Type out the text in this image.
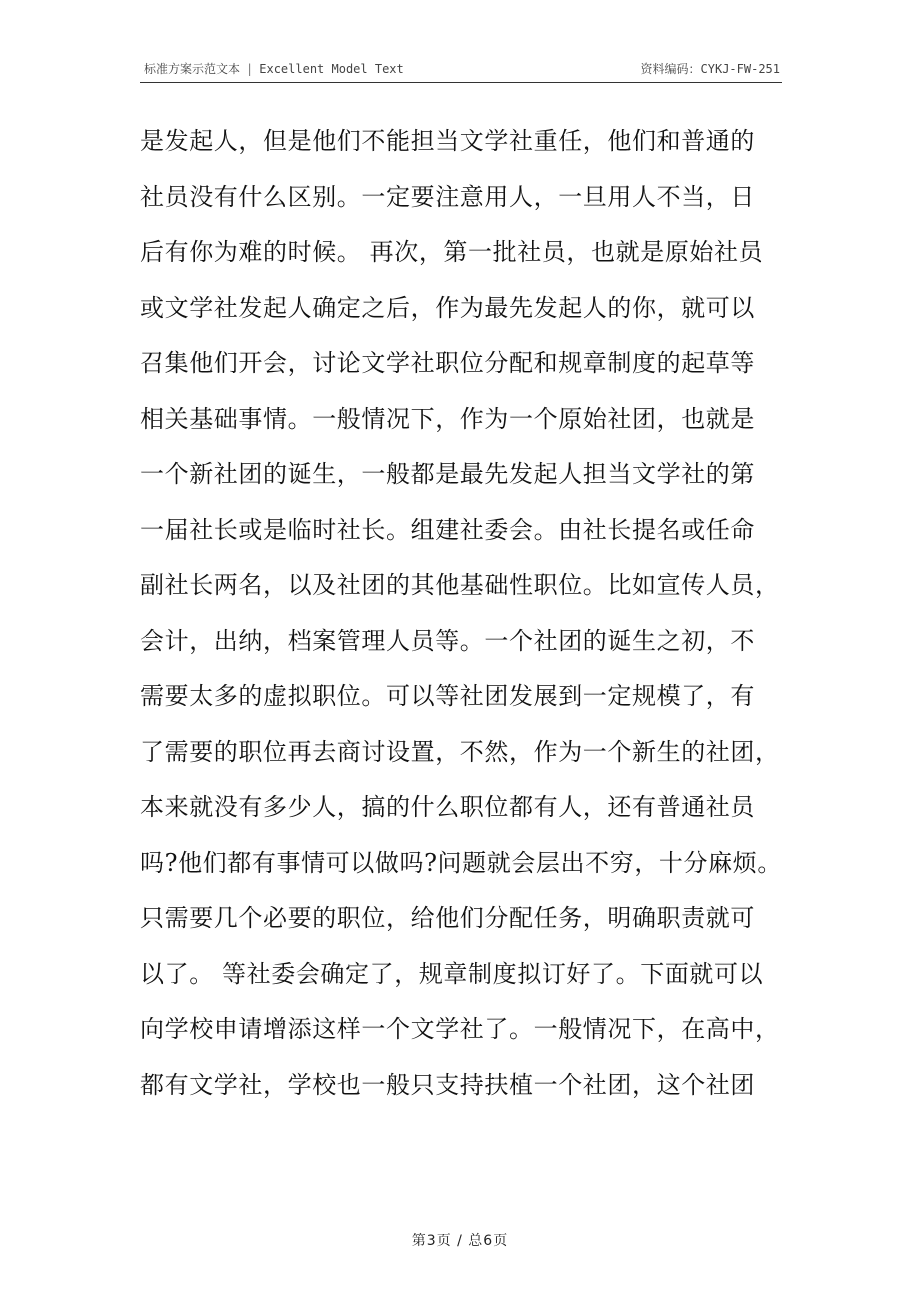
标准方案示范文本 | Excellent Model Text	资料编码：CYKJ-FW-251
是发起人，但是他们不能担当文学社重任，他们和普通的
社员没有什么区别。一定要注意用人，一旦用人不当，日
后有你为难的时候。 再次，第一批社员，也就是原始社员
或文学社发起人确定之后，作为最先发起人的你，就可以
召集他们开会，讨论文学社职位分配和规章制度的起草等
相关基础事情。一般情况下，作为一个原始社团，也就是
一个新社团的诞生，一般都是最先发起人担当文学社的第
一届社长或是临时社长。组建社委会。由社长提名或任命
副社长两名，以及社团的其他基础性职位。比如宣传人员，
会计，出纳，档案管理人员等。一个社团的诞生之初，不
需要太多的虚拟职位。可以等社团发展到一定规模了，有
了需要的职位再去商讨设置，不然，作为一个新生的社团，
本来就没有多少人，搞的什么职位都有人，还有普通社员
吗?他们都有事情可以做吗?问题就会层出不穷，十分麻烦。
只需要几个必要的职位，给他们分配任务，明确职责就可
以了。 等社委会确定了，规章制度拟订好了。下面就可以
向学校申请增添这样一个文学社了。一般情况下，在高中，
都有文学社，学校也一般只支持扶植一个社团，这个社团
第3页 / 总6页
